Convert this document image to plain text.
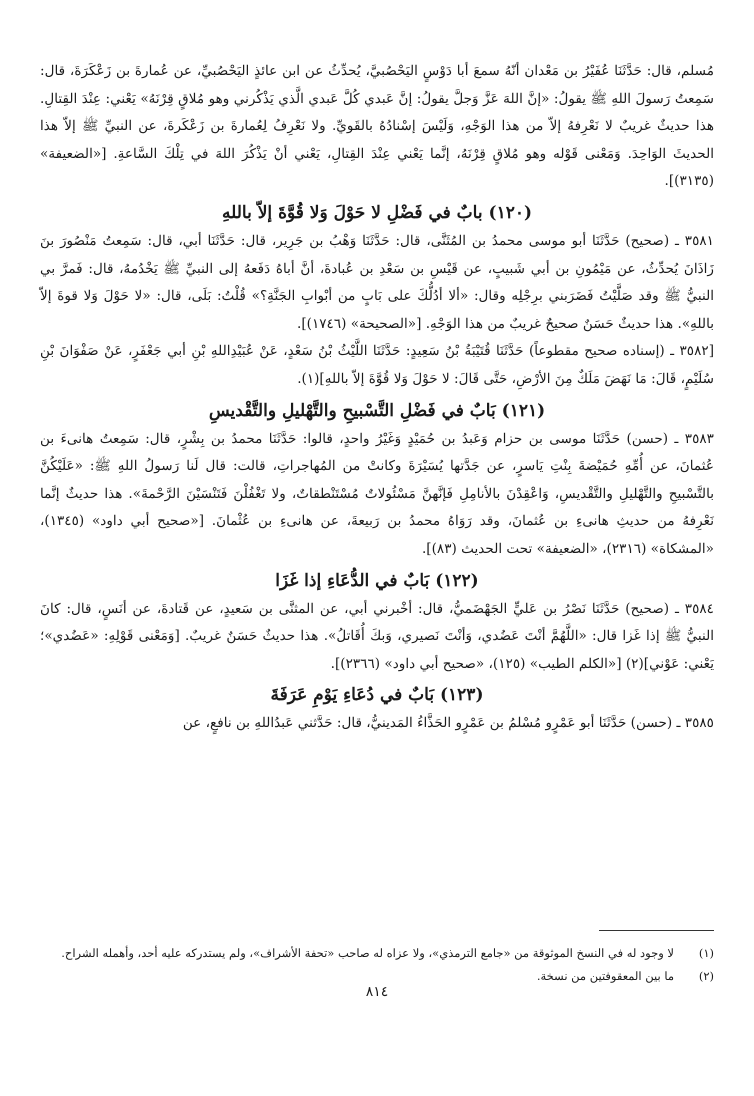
مُسلم، قال: حَدَّثَنَا عُفَيْرُ بن مَعْدان أنّهُ سمعَ أبا دَوْسٍ اليَحْصُبيَّ، يُحدِّثُ عن ابن عائذٍ اليَحْصُبيِّ، عن عُمارةَ بن زَعْكَرَةَ، قال: سَمِعتُ رَسولَ اللهِ ﷺ يقولُ: «إنَّ اللهَ عَزَّ وَجلَّ يقولُ: إنَّ عَبدي كُلَّ عَبدي الَّذي يَذْكُرني وهو مُلاقٍ قِرْنَهُ» يَعْني: عِنْدَ القِتالِ. هذا حديثٌ غريبٌ لا نَعْرِفهُ إلاّ من هذا الوَجْهِ، وَلَيْسَ إسْنادُهُ بالقَويِّ. ولا نَعْرِفُ لِعُمارةَ بن زَعْكَرةَ، عن النبيِّ ﷺ إلاّ هذا الحديثَ الوَاحِدَ. وَمَعْنى قَوْله وهو مُلاقٍ قِرْنَهُ، إنَّما يَعْني عِنْدَ القِتالِ، يَعْني أنْ يَذْكُرَ اللهَ في تِلْكَ السَّاعةِ. [«الضعيفة» (٣١٣٥)].

(١٢٠) بابٌ في فَضْلِ لا حَوْلَ وَلا قُوَّةَ إلاّ باللهِ

٣٥٨١ ـ (صحيح) حَدَّثَنَا أبو موسى محمدُ بن المُثَنَّى، قال: حَدَّثَنَا وَهْبُ بن جَرِير، قال: حَدَّثَنَا أبي، قال: سَمِعتُ مَنْصُورَ بنَ زَاذَانَ يُحدِّثُ، عن مَيْمُونِ بن أبي شَبيبٍ، عن قَيْسِ بن سَعْدِ بن عُبادةَ، أنَّ أباهُ دَفَعهُ إلى النبيِّ ﷺ يَخْدُمهُ، قال: فَمرَّ بي النبيُّ ﷺ وقد صَلَّيْتُ فَضَرَبني برِجْلِه وقال: «ألا أدُلُّكَ على بَابٍ من أبْوابِ الجَنَّةِ؟» قُلْتُ: بَلَى، قال: «لا حَوْلَ وَلا قوةَ إلاّ باللهِ». هذا حديثٌ حَسَنٌ صحيحٌ غريبٌ من هذا الوَجْهِ. [«الصحيحة» (١٧٤٦)].

[٣٥٨٢ ـ (إسناده صحيح مقطوعاً) حَدَّثَنَا قُتَيْبَةُ بْنُ سَعِيدٍ: حَدَّثَنَا اللَّيْثُ بْنُ سَعْدٍ، عَنْ عُبَيْدِاللهِ بْنِ أبي جَعْفَرٍ، عَنْ صَفْوَانَ بْنِ سُلَيْمٍ، قَالَ: مَا نَهَضَ مَلَكٌ مِنَ الأرْضِ، حَتَّى قَالَ: لا حَوْلَ وَلا قُوَّةَ إلاّ باللهِ](١).

(١٢١) بَابٌ في فَضْلِ التَّسْبيحِ والتَّهْليلِ والتَّقْديسِ

٣٥٨٣ ـ (حسن) حَدَّثَنَا موسى بن حزام وَعَبدُ بن حُمَيْدٍ وَغَيْرُ واحدٍ، قالوا: حَدَّثَنَا محمدُ بن بِشْرٍ، قال: سَمِعتُ هانىءَ بن عُثمانَ، عن أُمِّهِ حُمَيْضةَ بِنْتِ يَاسرٍ، عن جَدَّتها يُسَيْرَةَ وكانتْ من المُهاجراتِ، قالت: قال لَنا رَسولُ اللهِ ﷺ: «عَلَيْكُنَّ بالتَّسْبيحِ والتَّهْليلِ والتَّقْديسِ، وَاعْقِدْنَ بالأنامِلِ فَإنَّهنَّ مَسْئُولاتٌ مُسْتَنْطقاتٌ، ولا تَغْفُلْنَ فَتَنْسَيْنَ الرَّحْمةَ». هذا حديثٌ إنَّما نَعْرِفهُ من حديثِ هانىءِ بن عُثمانَ، وقد رَوَاهُ محمدُ بن رَبيعةَ، عن هانىءِ بن عُثْمانَ. [«صحيح أبي داود» (١٣٤٥)، «المشكاة» (٢٣١٦)، «الضعيفة» تحت الحديث (٨٣)].

(١٢٢) بَابٌ في الدُّعَاءِ إذا غَزَا

٣٥٨٤ ـ (صحيح) حَدَّثَنَا نَصْرُ بن عَليٍّ الجَهْضَميُّ، قال: أخْبرني أبي، عن المثنَّى بن سَعيدٍ، عن قَتادةَ، عن أنَسٍ، قال: كانَ النبيُّ ﷺ إذا غَزا قال: «اللَّهُمَّ أنْتَ عَضُدي، وَأنْتَ نَصيري، وَبكَ أُقَاتلُ». هذا حديثٌ حَسَنٌ غريبٌ. [وَمَعْنى قَوْلِهِ: «عَضُدي»؛ يَعْني: عَوْني](٢) [«الكلم الطيب» (١٢٥)، «صحيح أبي داود» (٢٣٦٦)].

(١٢٣) بَابٌ في دُعَاءِ يَوْمِ عَرَفَةَ

٣٥٨٥ ـ (حسن) حَدَّثَنَا أبو عَمْرٍو مُسْلمُ بن عَمْرٍو الحَذَّاءُ المَدينيُّ، قال: حَدَّثني عَبدُاللهِ بن نافعٍ، عن

(١)
لا وجود له في النسخ الموثوقة من «جامع الترمذي»، ولا عزاه له صاحب «تحفة الأشراف»، ولم يستدركه عليه أحد، وأهمله الشراح.
(٢)
ما بين المعقوفتين من نسخة.
٨١٤
